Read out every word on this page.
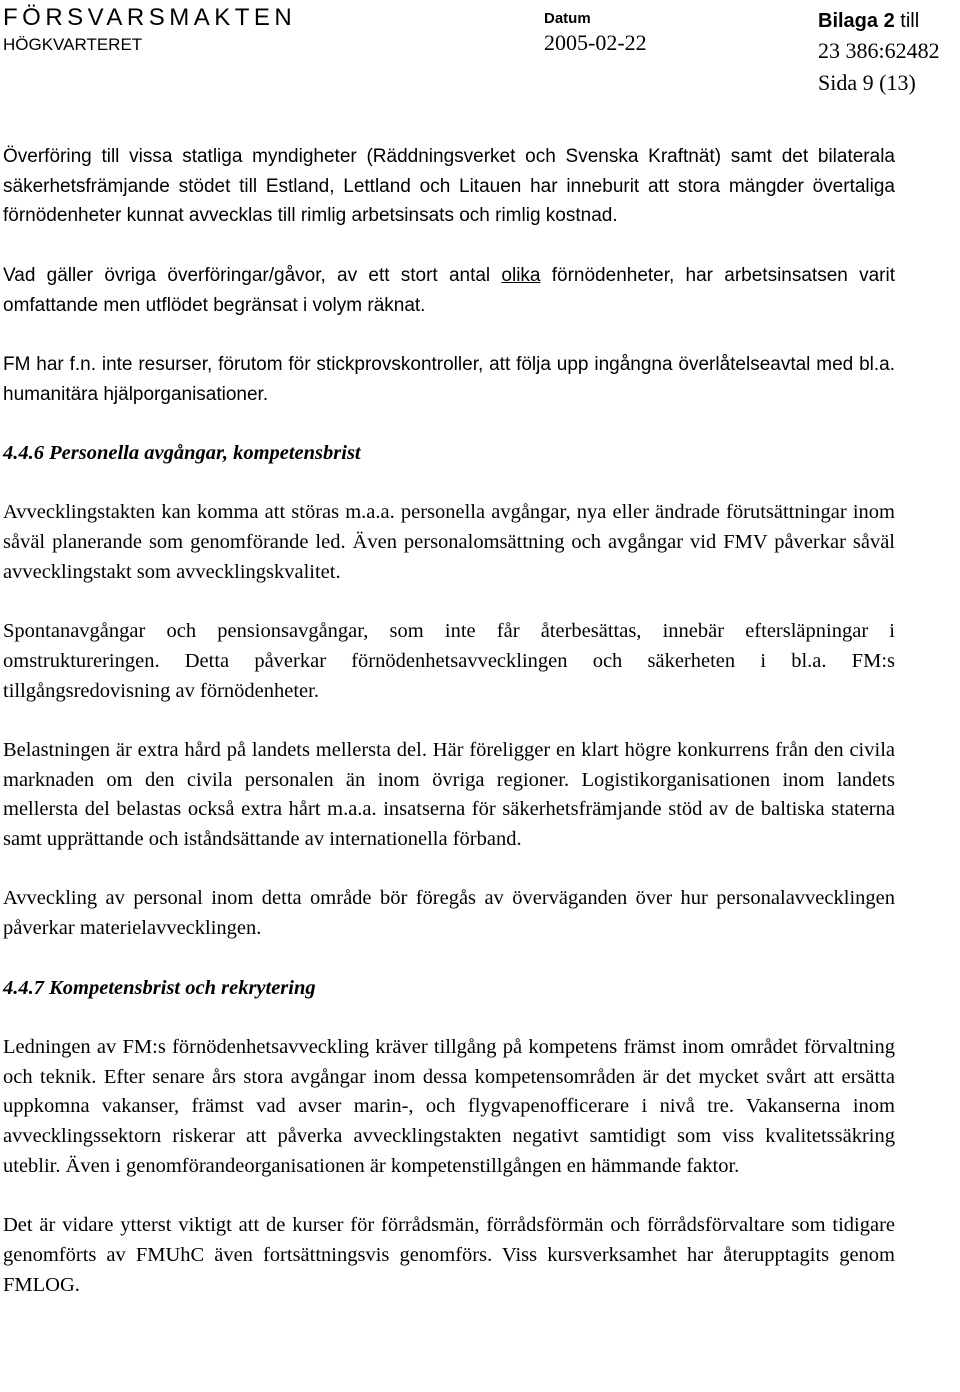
FÖRSVARSMAKTEN
HÖGKVARTERET
Datum
2005-02-22
Bilaga 2 till
23 386:62482
Sida 9 (13)

Överföring till vissa statliga myndigheter (Räddningsverket och Svenska Kraftnät) samt det bilaterala säkerhetsfrämjande stödet till Estland, Lettland och Litauen har inneburit att stora mängder övertaliga förnödenheter kunnat avvecklas till rimlig arbetsinsats och rimlig kostnad.

Vad gäller övriga överföringar/gåvor, av ett stort antal olika förnödenheter, har arbetsinsatsen varit omfattande men utflödet begränsat i volym räknat.

FM har f.n. inte resurser, förutom för stickprovskontroller, att följa upp ingångna överlåtelseavtal med bl.a. humanitära hjälporganisationer.

4.4.6 Personella avgångar, kompetensbrist

Avvecklingstakten kan komma att störas m.a.a. personella avgångar, nya eller ändrade förutsättningar inom såväl planerande som genomförande led. Även personalomsättning och avgångar vid FMV påverkar såväl avvecklingstakt som avvecklingskvalitet.

Spontanavgångar och pensionsavgångar, som inte får återbesättas, innebär eftersläpningar i omstruktureringen. Detta påverkar förnödenhetsavvecklingen och säkerheten i bl.a. FM:s tillgångsredovisning av förnödenheter.

Belastningen är extra hård på landets mellersta del. Här föreligger en klart högre konkurrens från den civila marknaden om den civila personalen än inom övriga regioner. Logistikorganisationen inom landets mellersta del belastas också extra hårt m.a.a. insatserna för säkerhetsfrämjande stöd av de baltiska staterna samt upprättande och iståndsättande av internationella förband.

Avveckling av personal inom detta område bör föregås av överväganden över hur personalavvecklingen påverkar materielavvecklingen.

4.4.7 Kompetensbrist och rekrytering

Ledningen av FM:s förnödenhetsavveckling kräver tillgång på kompetens främst inom området förvaltning och teknik. Efter senare års stora avgångar inom dessa kompetensområden är det mycket svårt att ersätta uppkomna vakanser, främst vad avser marin-, och flygvapenofficerare i nivå tre. Vakanserna inom avvecklingssektorn riskerar att påverka avvecklingstakten negativt samtidigt som viss kvalitetssäkring uteblir. Även i genomförandeorganisationen är kompetenstillgången en hämmande faktor.

Det är vidare ytterst viktigt att de kurser för förrådsmän, förrådsförmän och förrådsförvaltare som tidigare genomförts av FMUhC även fortsättningsvis genomförs. Viss kursverksamhet har återupptagits genom FMLOG.
